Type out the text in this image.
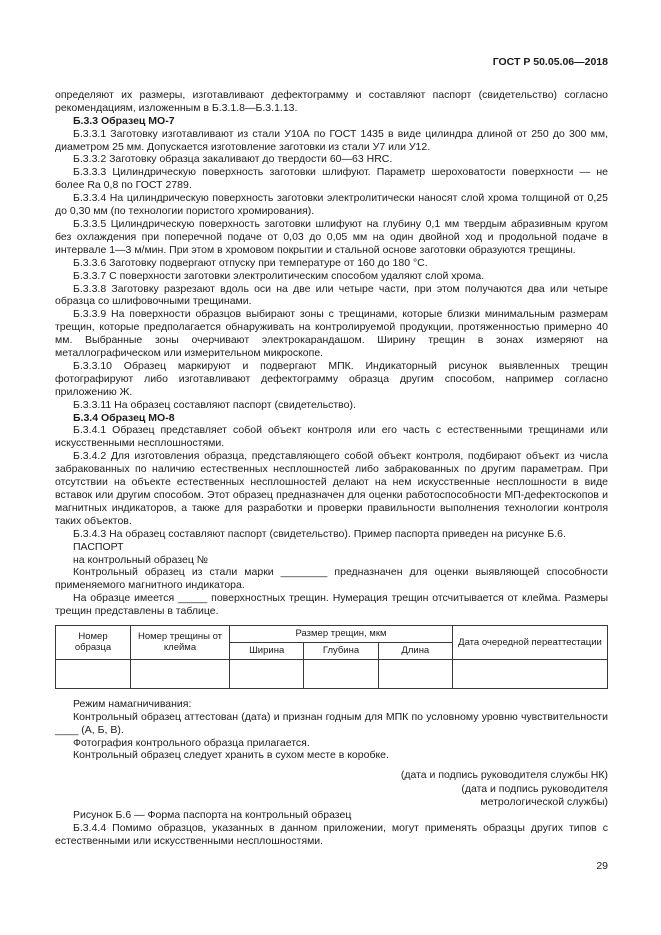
ГОСТ Р 50.05.06—2018

определяют их размеры, изготавливают дефектограмму и составляют паспорт (свидетельство) согласно рекомендациям, изложенным в Б.3.1.8—Б.3.1.13.

Б.3.3 Образец МО-7

Б.3.3.1 Заготовку изготавливают из стали У10А по ГОСТ 1435 в виде цилиндра длиной от 250 до 300 мм, диаметром 25 мм. Допускается изготовление заготовки из стали У7 или У12.

Б.3.3.2 Заготовку образца закаливают до твердости 60—63 HRC.

Б.3.3.3 Цилиндрическую поверхность заготовки шлифуют. Параметр шероховатости поверхности — не более Ra 0,8 по ГОСТ 2789.

Б.3.3.4 На цилиндрическую поверхность заготовки электролитически наносят слой хрома толщиной от 0,25 до 0,30 мм (по технологии пористого хромирования).

Б.3.3.5 Цилиндрическую поверхность заготовки шлифуют на глубину 0,1 мм твердым абразивным кругом без охлаждения при поперечной подаче от 0,03 до 0,05 мм на один двойной ход и продольной подаче в интервале 1—3 м/мин. При этом в хромовом покрытии и стальной основе заготовки образуются трещины.

Б.3.3.6 Заготовку подвергают отпуску при температуре от 160 до 180 °С.

Б.3.3.7 С поверхности заготовки электролитическим способом удаляют слой хрома.

Б.3.3.8 Заготовку разрезают вдоль оси на две или четыре части, при этом получаются два или четыре образца со шлифовочными трещинами.

Б.3.3.9 На поверхности образцов выбирают зоны с трещинами, которые близки минимальным размерам трещин, которые предполагается обнаруживать на контролируемой продукции, протяженностью примерно 40 мм. Выбранные зоны очерчивают электрокарандашом. Ширину трещин в зонах измеряют на металлографическом или измерительном микроскопе.

Б.3.3.10 Образец маркируют и подвергают МПК. Индикаторный рисунок выявленных трещин фотографируют либо изготавливают дефектограмму образца другим способом, например согласно приложению Ж.

Б.3.3.11 На образец составляют паспорт (свидетельство).

Б.3.4 Образец МО-8

Б.3.4.1 Образец представляет собой объект контроля или его часть с естественными трещинами или искусственными несплошностями.

Б.3.4.2 Для изготовления образца, представляющего собой объект контроля, подбирают объект из числа забракованных по наличию естественных несплошностей либо забракованных по другим параметрам. При отсутствии на объекте естественных несплошностей делают на нем искусственные несплошности в виде вставок или другим способом. Этот образец предназначен для оценки работоспособности МП-дефектоскопов и магнитных индикаторов, а также для разработки и проверки правильности выполнения технологии контроля таких объектов.

Б.3.4.3 На образец составляют паспорт (свидетельство). Пример паспорта приведен на рисунке Б.6.

ПАСПОРТ

на контрольный образец №

Контрольный образец из стали марки ________ предназначен для оценки выявляющей способности применяемого магнитного индикатора.

На образце имеется _____ поверхностных трещин. Нумерация трещин отсчитывается от клейма. Размеры трещин представлены в таблице.

Номер образца	Номер трещины от клейма	Размер трещин, мкм			Дата очередной переаттестации
		Ширина	Глубина	Длина	

Режим намагничивания:

Контрольный образец аттестован (дата) и признан годным для МПК по условному уровню чувствительности ____ (А, Б, В).

Фотография контрольного образца прилагается.

Контрольный образец следует хранить в сухом месте в коробке.

(дата и подпись руководителя службы НК)

(дата и подпись руководителя

метрологической службы)

Рисунок Б.6 — Форма паспорта на контрольный образец

Б.3.4.4 Помимо образцов, указанных в данном приложении, могут применять образцы других типов с естественными или искусственными несплошностями.

29
